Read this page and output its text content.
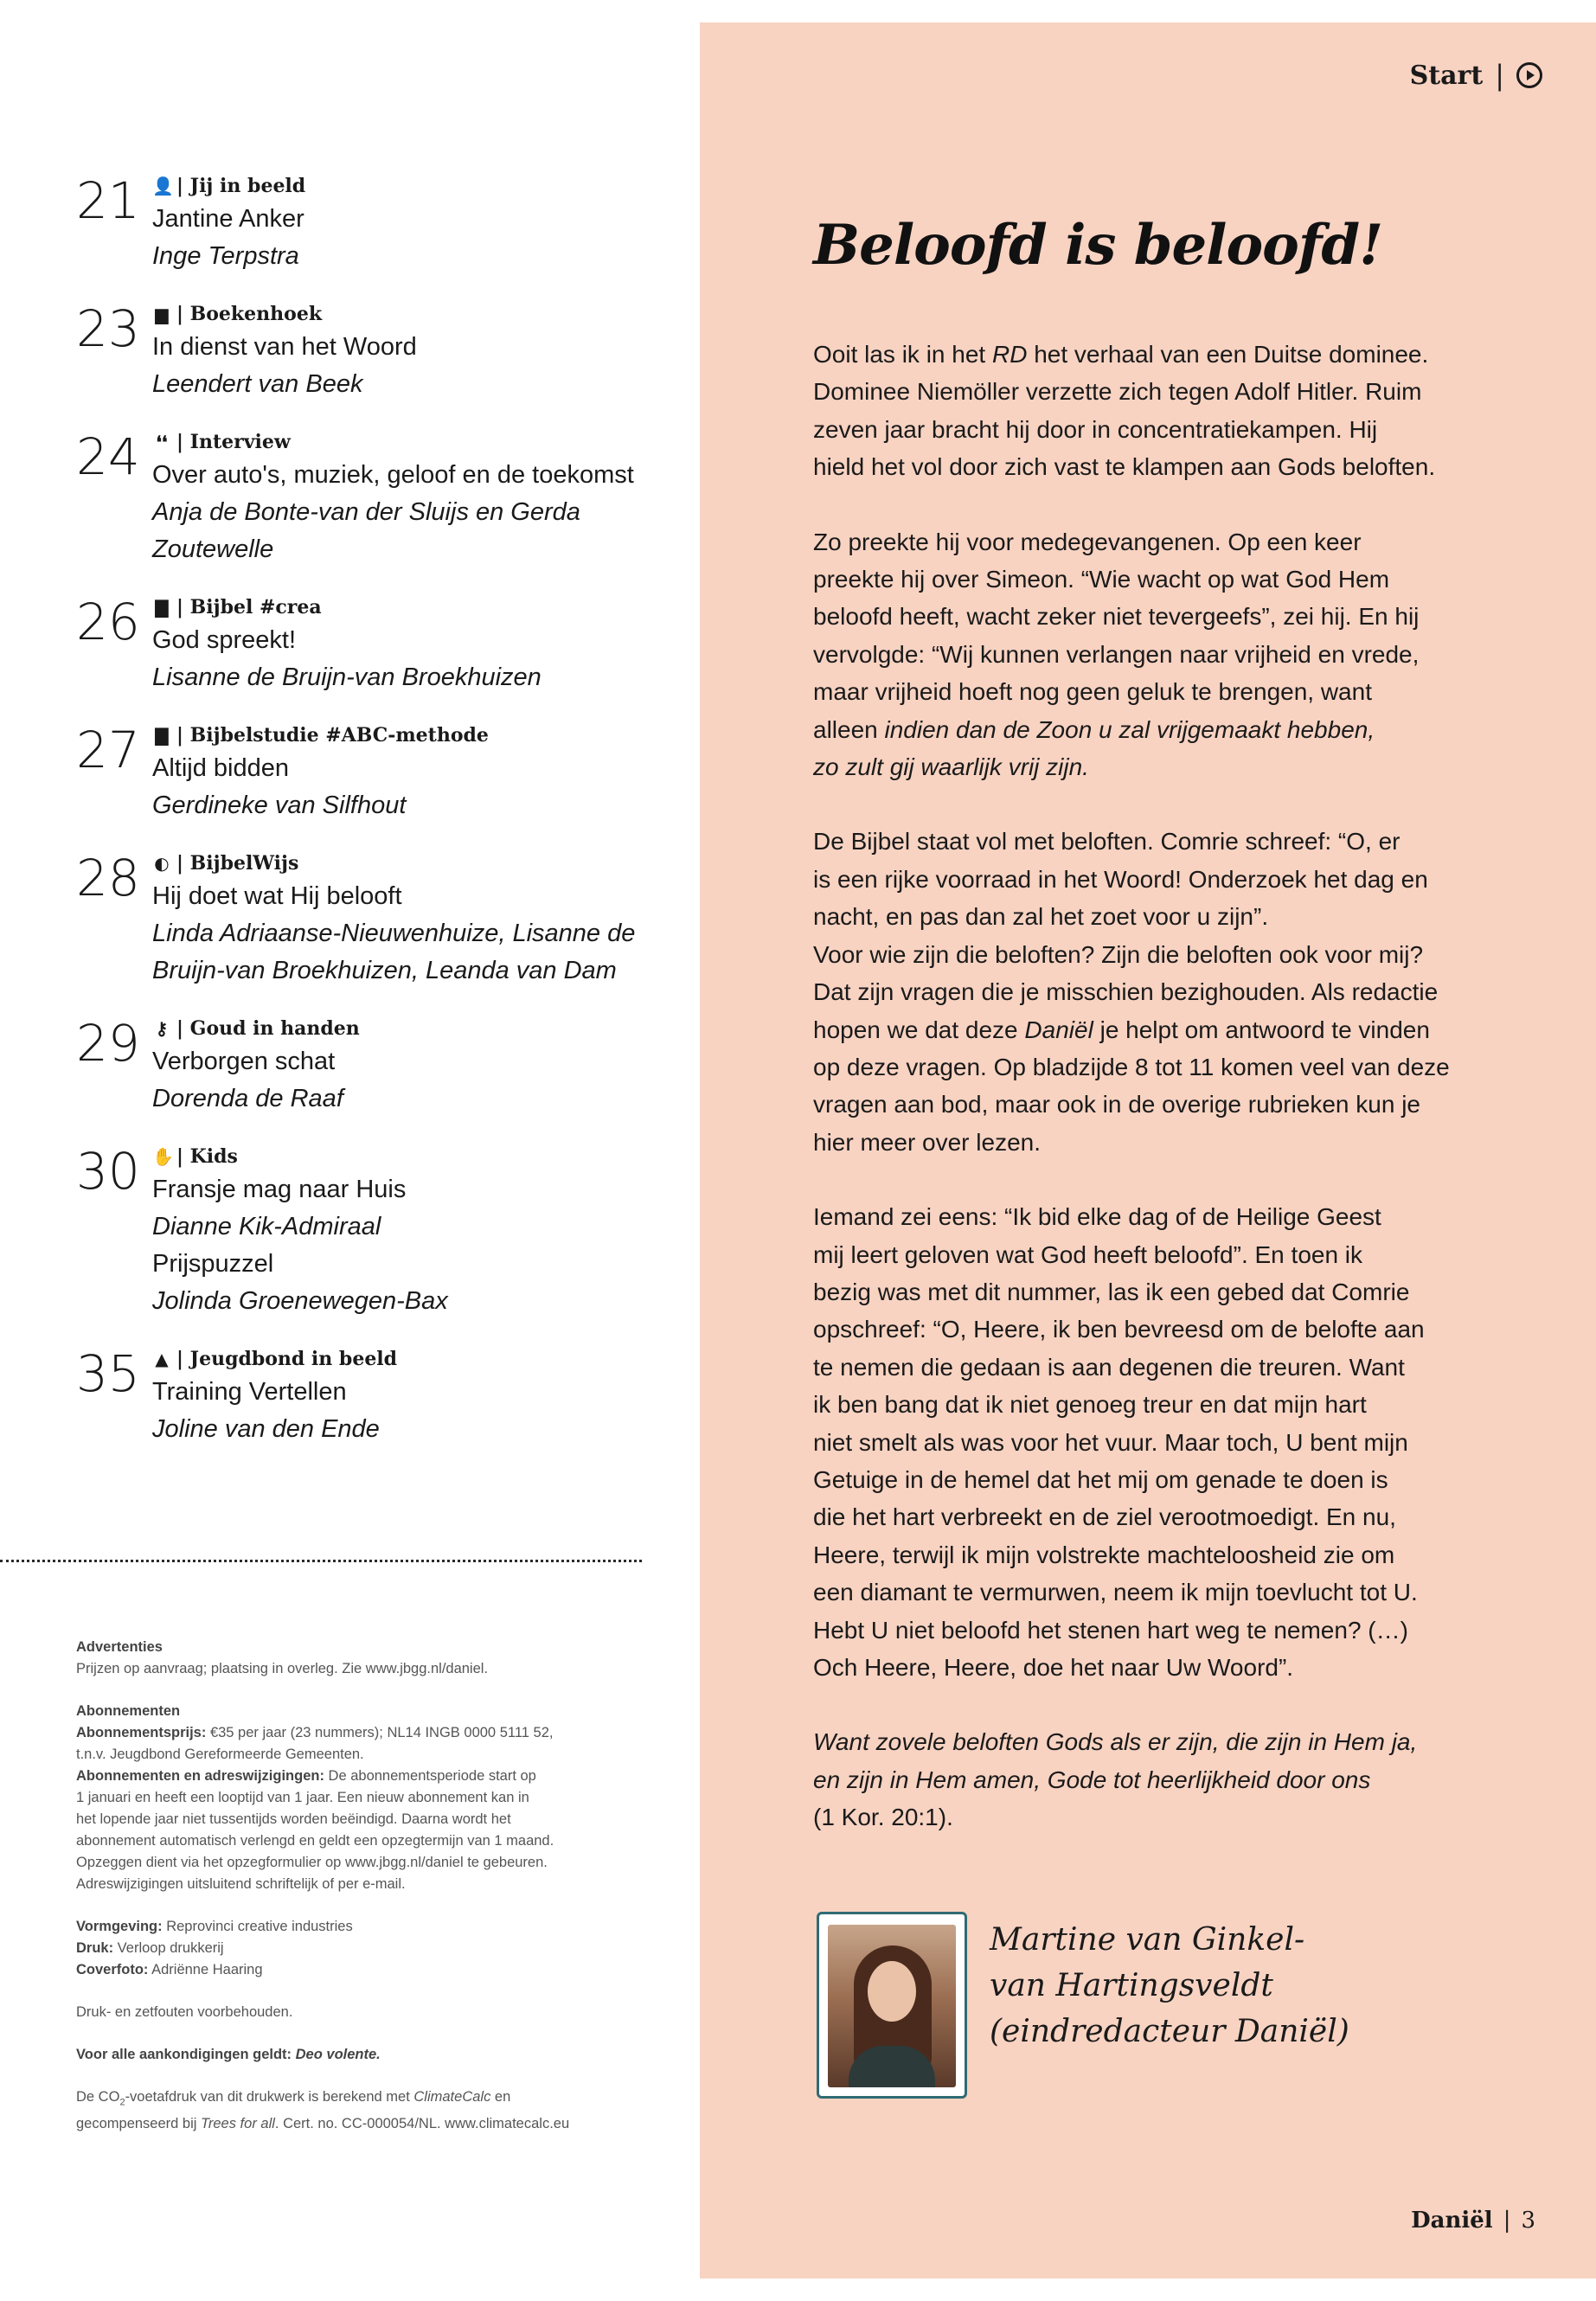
Start |
21 👤 | Jij in beeld
Jantine Anker
Inge Terpstra
23 ▆ | Boekenhoek
In dienst van het Woord
Leendert van Beek
24 ❛❛ | Interview
Over auto's, muziek, geloof en de toekomst
Anja de Bonte-van der Sluijs en Gerda
Zoutewelle
26 ▇ | Bijbel #crea
God spreekt!
Lisanne de Bruijn-van Broekhuizen
27 ▇ | Bijbelstudie #ABC-methode
Altijd bidden
Gerdineke van Silfhout
28 ◐ | BijbelWijs
Hij doet wat Hij belooft
Linda Adriaanse-Nieuwenhuize, Lisanne de
Bruijn-van Broekhuizen, Leanda van Dam
29 ⚷ | Goud in handen
Verborgen schat
Dorenda de Raaf
30 ✋ | Kids
Fransje mag naar Huis
Dianne Kik-Admiraal
Prijspuzzel
Jolinda Groenewegen-Bax
35 ▲ | Jeugdbond in beeld
Training Vertellen
Joline van den Ende

Advertenties
Prijzen op aanvraag; plaatsing in overleg. Zie www.jbgg.nl/daniel.

Abonnementen
Abonnementsprijs: €35 per jaar (23 nummers); NL14 INGB 0000 5111 52,
t.n.v. Jeugdbond Gereformeerde Gemeenten.
Abonnementen en adreswijzigingen: De abonnementsperiode start op
1 januari en heeft een looptijd van 1 jaar. Een nieuw abonnement kan in
het lopende jaar niet tussentijds worden beëindigd. Daarna wordt het
abonnement automatisch verlengd en geldt een opzegtermijn van 1 maand.
Opzeggen dient via het opzegformulier op www.jbgg.nl/daniel te gebeuren.
Adreswijzigingen uitsluitend schriftelijk of per e-mail.

Vormgeving: Reprovinci creative industries
Druk: Verloop drukkerij
Coverfoto: Adriënne Haaring

Druk- en zetfouten voorbehouden.

Voor alle aankondigingen geldt: Deo volente.

De $CO_2$-voetafdruk van dit drukwerk is berekend met ClimateCalc en
gecompenseerd bij Trees for all. Cert. no. CC-000054/NL. www.climatecalc.eu

Beloofd is beloofd!

Ooit las ik in het RD het verhaal van een Duitse dominee.
Dominee Niemöller verzette zich tegen Adolf Hitler. Ruim
zeven jaar bracht hij door in concentratiekampen. Hij
hield het vol door zich vast te klampen aan Gods beloften.

Zo preekte hij voor medegevangenen. Op een keer
preekte hij over Simeon. “Wie wacht op wat God Hem
beloofd heeft, wacht zeker niet tevergeefs”, zei hij. En hij
vervolgde: “Wij kunnen verlangen naar vrijheid en vrede,
maar vrijheid hoeft nog geen geluk te brengen, want
alleen indien dan de Zoon u zal vrijgemaakt hebben,
zo zult gij waarlijk vrij zijn.

De Bijbel staat vol met beloften. Comrie schreef: “O, er
is een rijke voorraad in het Woord! Onderzoek het dag en
nacht, en pas dan zal het zoet voor u zijn”.
Voor wie zijn die beloften? Zijn die beloften ook voor mij?
Dat zijn vragen die je misschien bezighouden. Als redactie
hopen we dat deze Daniël je helpt om antwoord te vinden
op deze vragen. Op bladzijde 8 tot 11 komen veel van deze
vragen aan bod, maar ook in de overige rubrieken kun je
hier meer over lezen.

Iemand zei eens: “Ik bid elke dag of de Heilige Geest
mij leert geloven wat God heeft beloofd”. En toen ik
bezig was met dit nummer, las ik een gebed dat Comrie
opschreef: “O, Heere, ik ben bevreesd om de belofte aan
te nemen die gedaan is aan degenen die treuren. Want
ik ben bang dat ik niet genoeg treur en dat mijn hart
niet smelt als was voor het vuur. Maar toch, U bent mijn
Getuige in de hemel dat het mij om genade te doen is
die het hart verbreekt en de ziel verootmoedigt. En nu,
Heere, terwijl ik mijn volstrekte machteloosheid zie om
een diamant te vermurwen, neem ik mijn toevlucht tot U.
Hebt U niet beloofd het stenen hart weg te nemen? (…)
Och Heere, Heere, doe het naar Uw Woord”.

Want zovele beloften Gods als er zijn, die zijn in Hem ja,
en zijn in Hem amen, Gode tot heerlijkheid door ons
(1 Kor. 20:1).

Martine van Ginkel-
van Hartingsveldt
(eindredacteur Daniël)
Daniël | 3
